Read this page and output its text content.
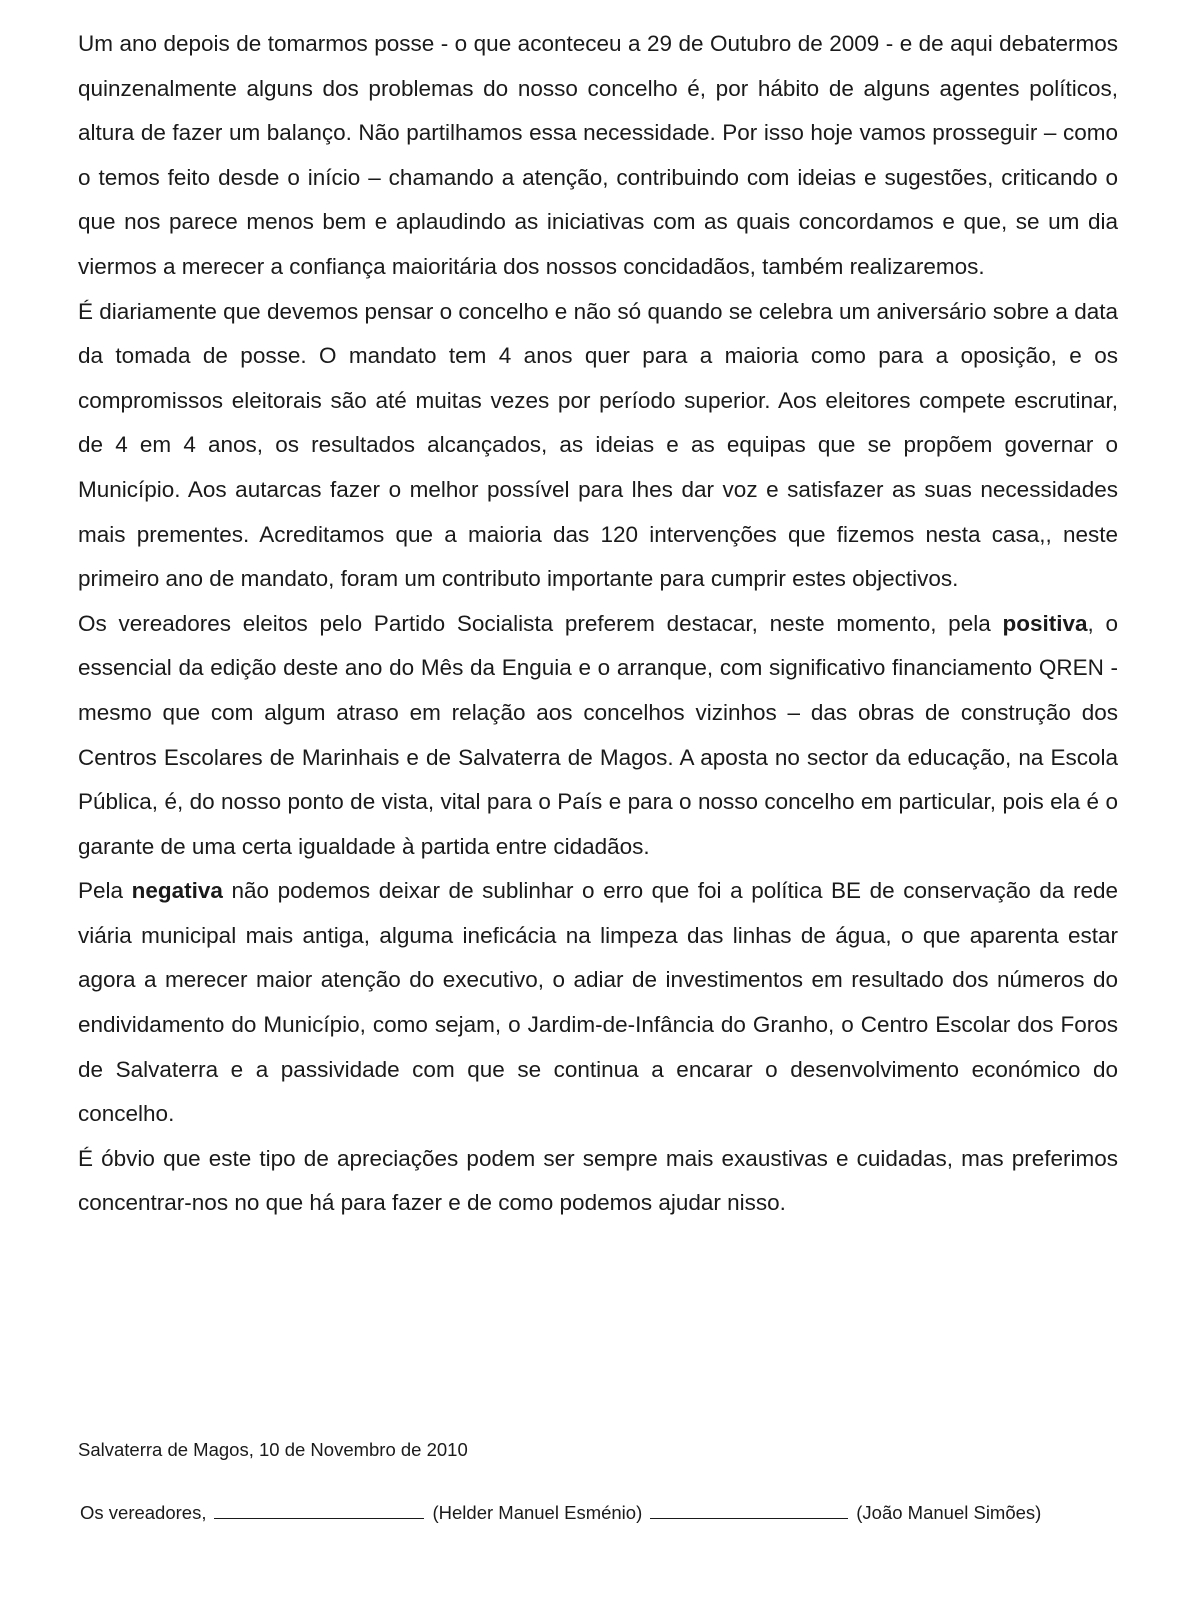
Um ano depois de tomarmos posse - o que aconteceu a 29 de Outubro de 2009 - e de aqui debatermos quinzenalmente alguns dos problemas do nosso concelho é, por hábito de alguns agentes políticos, altura de fazer um balanço. Não partilhamos essa necessidade. Por isso hoje vamos prosseguir – como o temos feito desde o início – chamando a atenção, contribuindo com ideias e sugestões, criticando o que nos parece menos bem e aplaudindo as iniciativas com as quais concordamos e que, se um dia viermos a merecer a confiança maioritária dos nossos concidadãos, também realizaremos.

É diariamente que devemos pensar o concelho e não só quando se celebra um aniversário sobre a data da tomada de posse. O mandato tem 4 anos quer para a maioria como para a oposição, e os compromissos eleitorais são até muitas vezes por período superior. Aos eleitores compete escrutinar, de 4 em 4 anos, os resultados alcançados, as ideias e as equipas que se propõem governar o Município. Aos autarcas fazer o melhor possível para lhes dar voz e satisfazer as suas necessidades mais prementes. Acreditamos que a maioria das 120 intervenções que fizemos nesta casa,, neste primeiro ano de mandato, foram um contributo importante para cumprir estes objectivos.

Os vereadores eleitos pelo Partido Socialista preferem destacar, neste momento, pela positiva, o essencial da edição deste ano do Mês da Enguia e o arranque, com significativo financiamento QREN - mesmo que com algum atraso em relação aos concelhos vizinhos – das obras de construção dos Centros Escolares de Marinhais e de Salvaterra de Magos. A aposta no sector da educação, na Escola Pública, é, do nosso ponto de vista, vital para o País e para o nosso concelho em particular, pois ela é o garante de uma certa igualdade à partida entre cidadãos.

Pela negativa não podemos deixar de sublinhar o erro que foi a política BE de conservação da rede viária municipal mais antiga, alguma ineficácia na limpeza das linhas de água, o que aparenta estar agora a merecer maior atenção do executivo, o adiar de investimentos em resultado dos números do endividamento do Município, como sejam, o Jardim-de-Infância do Granho, o Centro Escolar dos Foros de Salvaterra e a passividade com que se continua a encarar o desenvolvimento económico do concelho.

É óbvio que este tipo de apreciações podem ser sempre mais exaustivas e cuidadas, mas preferimos concentrar-nos no que há para fazer e de como podemos ajudar nisso.

Salvaterra de Magos, 10 de Novembro de 2010

Os vereadores,	(Helder Manuel Esménio)	(João Manuel Simões)
